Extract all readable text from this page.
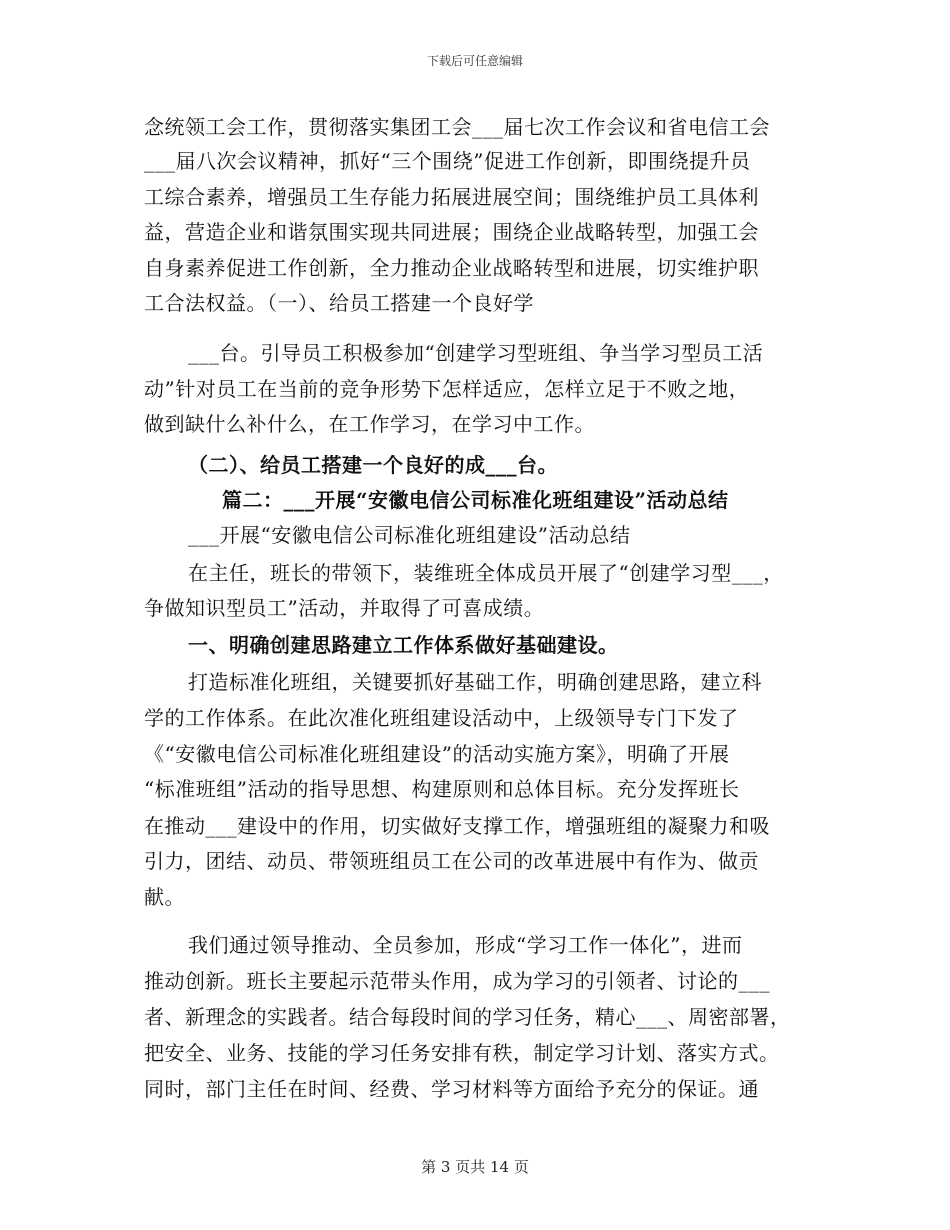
下载后可任意编辑
念统领工会工作，贯彻落实集团工会___届七次工作会议和省电信工会
___届八次会议精神，抓好“三个围绕”促进工作创新，即围绕提升员
工综合素养，增强员工生存能力拓展进展空间；围绕维护员工具体利
益，营造企业和谐氛围实现共同进展；围绕企业战略转型，加强工会
自身素养促进工作创新，全力推动企业战略转型和进展，切实维护职
工合法权益。（一）、给员工搭建一个良好学
___台。引导员工积极参加“创建学习型班组、争当学习型员工活
动”针对员工在当前的竞争形势下怎样适应，怎样立足于不败之地，
做到缺什么补什么，在工作学习，在学习中工作。
（二）、给员工搭建一个良好的成___台。
篇二：___开展“安徽电信公司标准化班组建设”活动总结
___开展“安徽电信公司标准化班组建设”活动总结
在主任，班长的带领下，装维班全体成员开展了“创建学习型___，
争做知识型员工”活动，并取得了可喜成绩。
一、明确创建思路建立工作体系做好基础建设。
打造标准化班组，关键要抓好基础工作，明确创建思路，建立科
学的工作体系。在此次准化班组建设活动中，上级领导专门下发了
《“安徽电信公司标准化班组建设”的活动实施方案》，明确了开展
“标准班组”活动的指导思想、构建原则和总体目标。充分发挥班长
在推动___建设中的作用，切实做好支撑工作，增强班组的凝聚力和吸
引力，团结、动员、带领班组员工在公司的改革进展中有作为、做贡
献。
我们通过领导推动、全员参加，形成“学习工作一体化”，进而
推动创新。班长主要起示范带头作用，成为学习的引领者、讨论的___
者、新理念的实践者。结合每段时间的学习任务，精心___、周密部署，
把安全、业务、技能的学习任务安排有秩，制定学习计划、落实方式。
同时，部门主任在时间、经费、学习材料等方面给予充分的保证。通
第 3 页共 14 页
